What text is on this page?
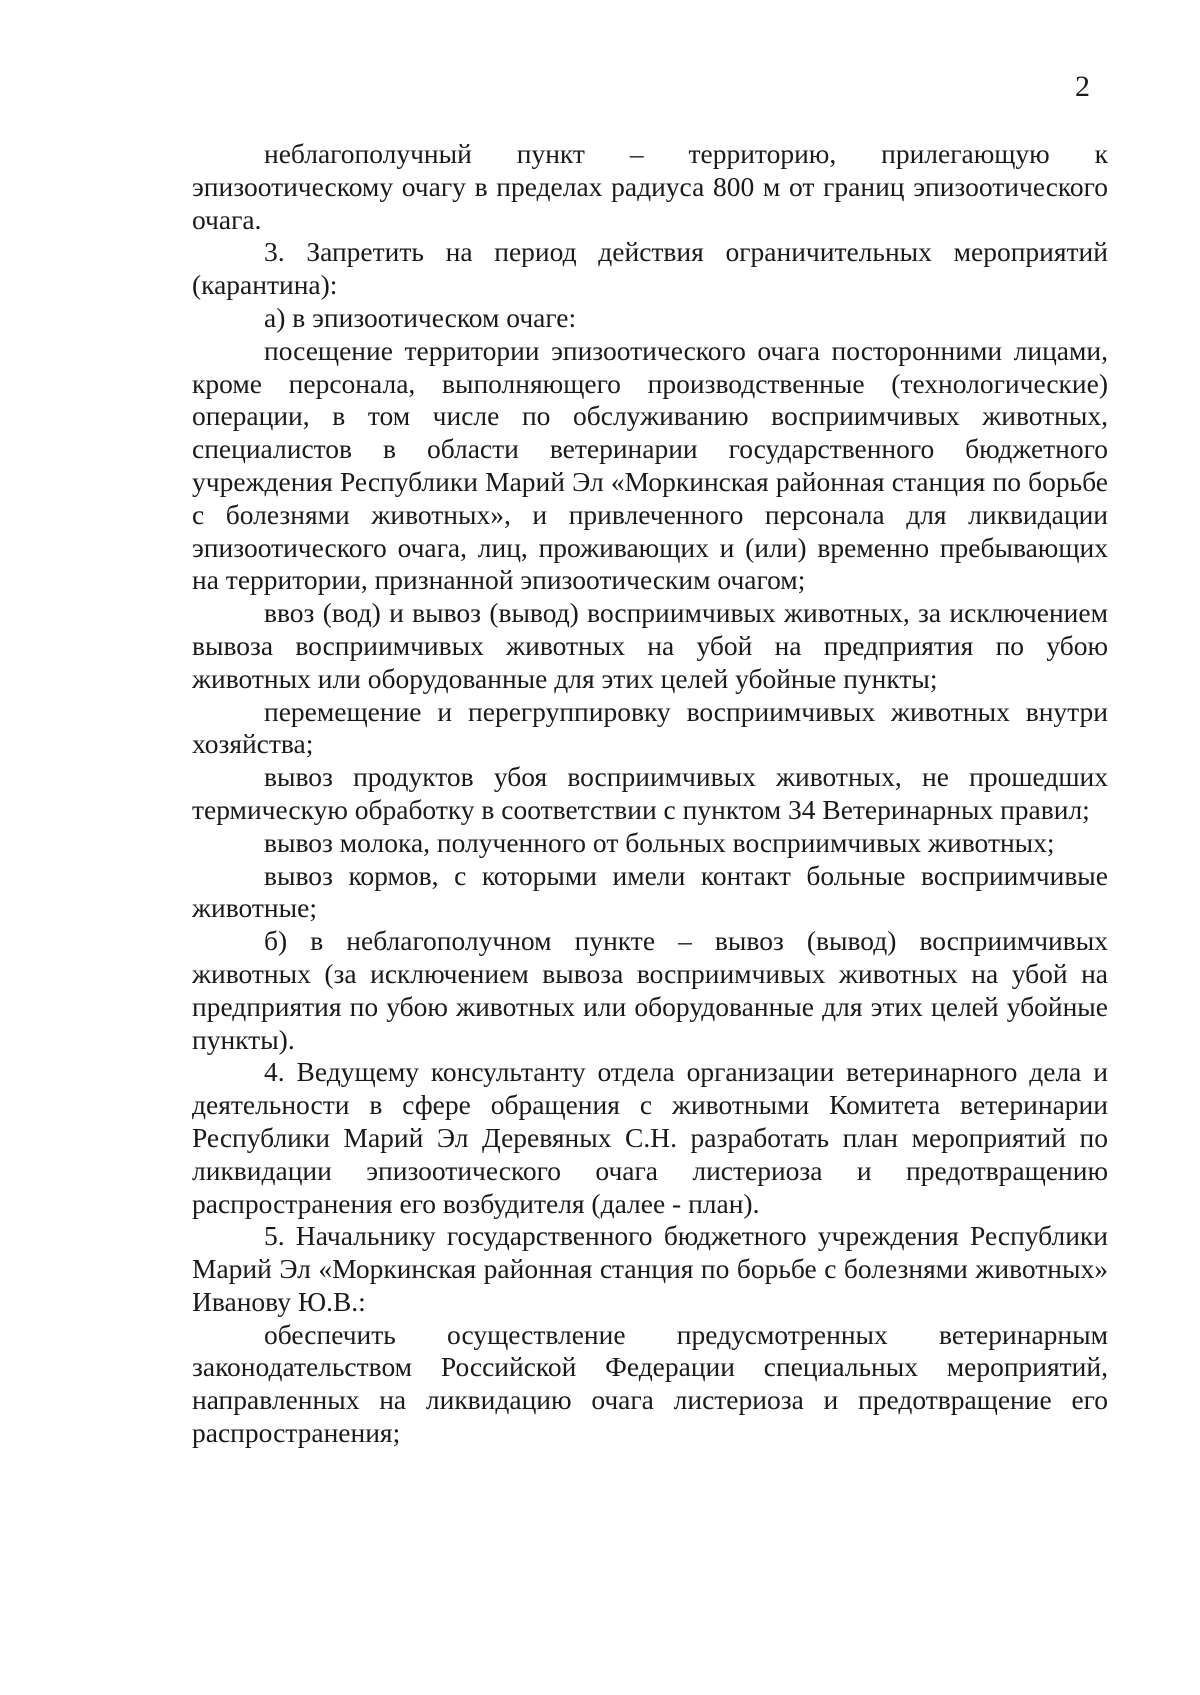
2

неблагополучный пункт – территорию, прилегающую к эпизоотическому очагу в пределах радиуса 800 м от границ эпизоотического очага.

3. Запретить на период действия ограничительных мероприятий (карантина):

а) в эпизоотическом очаге:

посещение территории эпизоотического очага посторонними лицами, кроме персонала, выполняющего производственные (технологические) операции, в том числе по обслуживанию восприимчивых животных, специалистов в области ветеринарии государственного бюджетного учреждения Республики Марий Эл «Моркинская районная станция по борьбе с болезнями животных», и привлеченного персонала для ликвидации эпизоотического очага, лиц, проживающих и (или) временно пребывающих на территории, признанной эпизоотическим очагом;

ввоз (вод) и вывоз (вывод) восприимчивых животных, за исключением вывоза восприимчивых животных на убой на предприятия по убою животных или оборудованные для этих целей убойные пункты;

перемещение и перегруппировку восприимчивых животных внутри хозяйства;

вывоз продуктов убоя восприимчивых животных, не прошедших термическую обработку в соответствии с пунктом 34 Ветеринарных правил;

вывоз молока, полученного от больных восприимчивых животных;

вывоз кормов, с которыми имели контакт больные восприимчивые животные;

б) в неблагополучном пункте – вывоз (вывод) восприимчивых животных (за исключением вывоза восприимчивых животных на убой на предприятия по убою животных или оборудованные для этих целей убойные пункты).

4. Ведущему консультанту отдела организации ветеринарного дела и деятельности в сфере обращения с животными Комитета ветеринарии Республики Марий Эл Деревяных С.Н. разработать план мероприятий по ликвидации эпизоотического очага листериоза и предотвращению распространения его возбудителя (далее - план).

5. Начальнику государственного бюджетного учреждения Республики Марий Эл «Моркинская районная станция по борьбе с болезнями животных» Иванову Ю.В.:

обеспечить осуществление предусмотренных ветеринарным законодательством Российской Федерации специальных мероприятий, направленных на ликвидацию очага листериоза и предотвращение его распространения;
